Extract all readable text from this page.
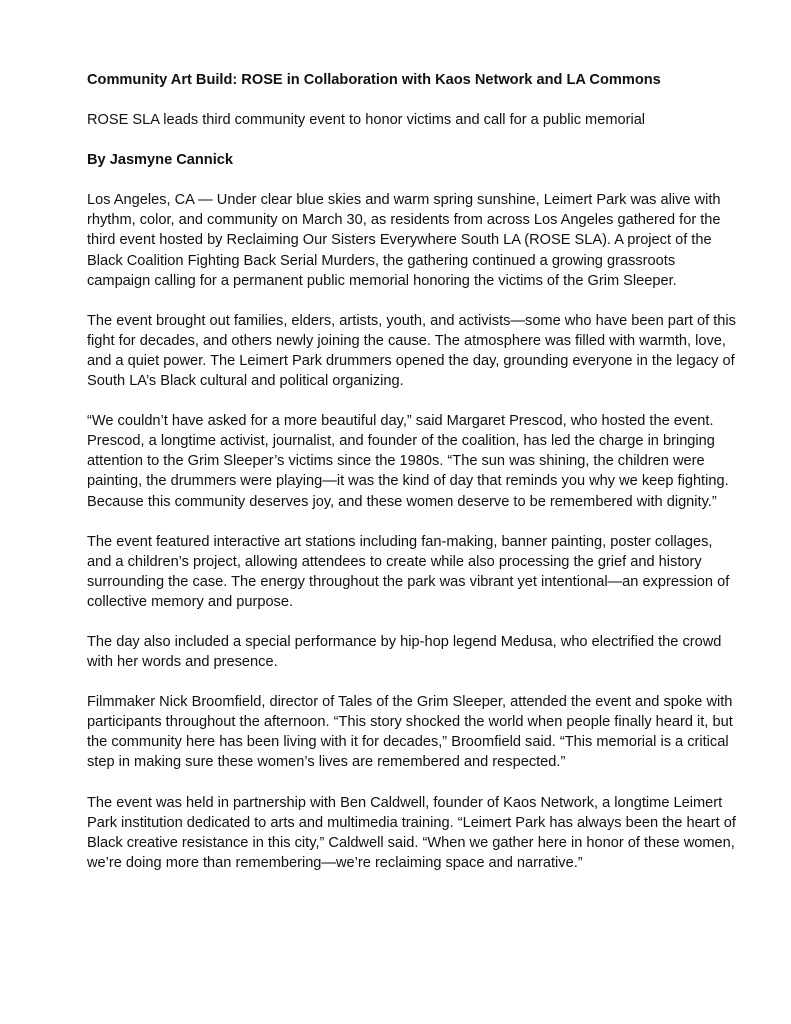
Community Art Build: ROSE in Collaboration with Kaos Network and LA Commons

ROSE SLA leads third community event to honor victims and call for a public memorial

By Jasmyne Cannick

Los Angeles, CA — Under clear blue skies and warm spring sunshine, Leimert Park was alive with rhythm, color, and community on March 30, as residents from across Los Angeles gathered for the third event hosted by Reclaiming Our Sisters Everywhere South LA (ROSE SLA). A project of the Black Coalition Fighting Back Serial Murders, the gathering continued a growing grassroots campaign calling for a permanent public memorial honoring the victims of the Grim Sleeper.

The event brought out families, elders, artists, youth, and activists—some who have been part of this fight for decades, and others newly joining the cause. The atmosphere was filled with warmth, love, and a quiet power. The Leimert Park drummers opened the day, grounding everyone in the legacy of South LA’s Black cultural and political organizing.

“We couldn’t have asked for a more beautiful day,” said Margaret Prescod, who hosted the event. Prescod, a longtime activist, journalist, and founder of the coalition, has led the charge in bringing attention to the Grim Sleeper’s victims since the 1980s. “The sun was shining, the children were painting, the drummers were playing—it was the kind of day that reminds you why we keep fighting. Because this community deserves joy, and these women deserve to be remembered with dignity.”

The event featured interactive art stations including fan-making, banner painting, poster collages, and a children’s project, allowing attendees to create while also processing the grief and history surrounding the case. The energy throughout the park was vibrant yet intentional—an expression of collective memory and purpose.

The day also included a special performance by hip-hop legend Medusa, who electrified the crowd with her words and presence.

Filmmaker Nick Broomfield, director of Tales of the Grim Sleeper, attended the event and spoke with participants throughout the afternoon. “This story shocked the world when people finally heard it, but the community here has been living with it for decades,” Broomfield said. “This memorial is a critical step in making sure these women’s lives are remembered and respected.”

The event was held in partnership with Ben Caldwell, founder of Kaos Network, a longtime Leimert Park institution dedicated to arts and multimedia training. “Leimert Park has always been the heart of Black creative resistance in this city,” Caldwell said. “When we gather here in honor of these women, we’re doing more than remembering—we’re reclaiming space and narrative.”
